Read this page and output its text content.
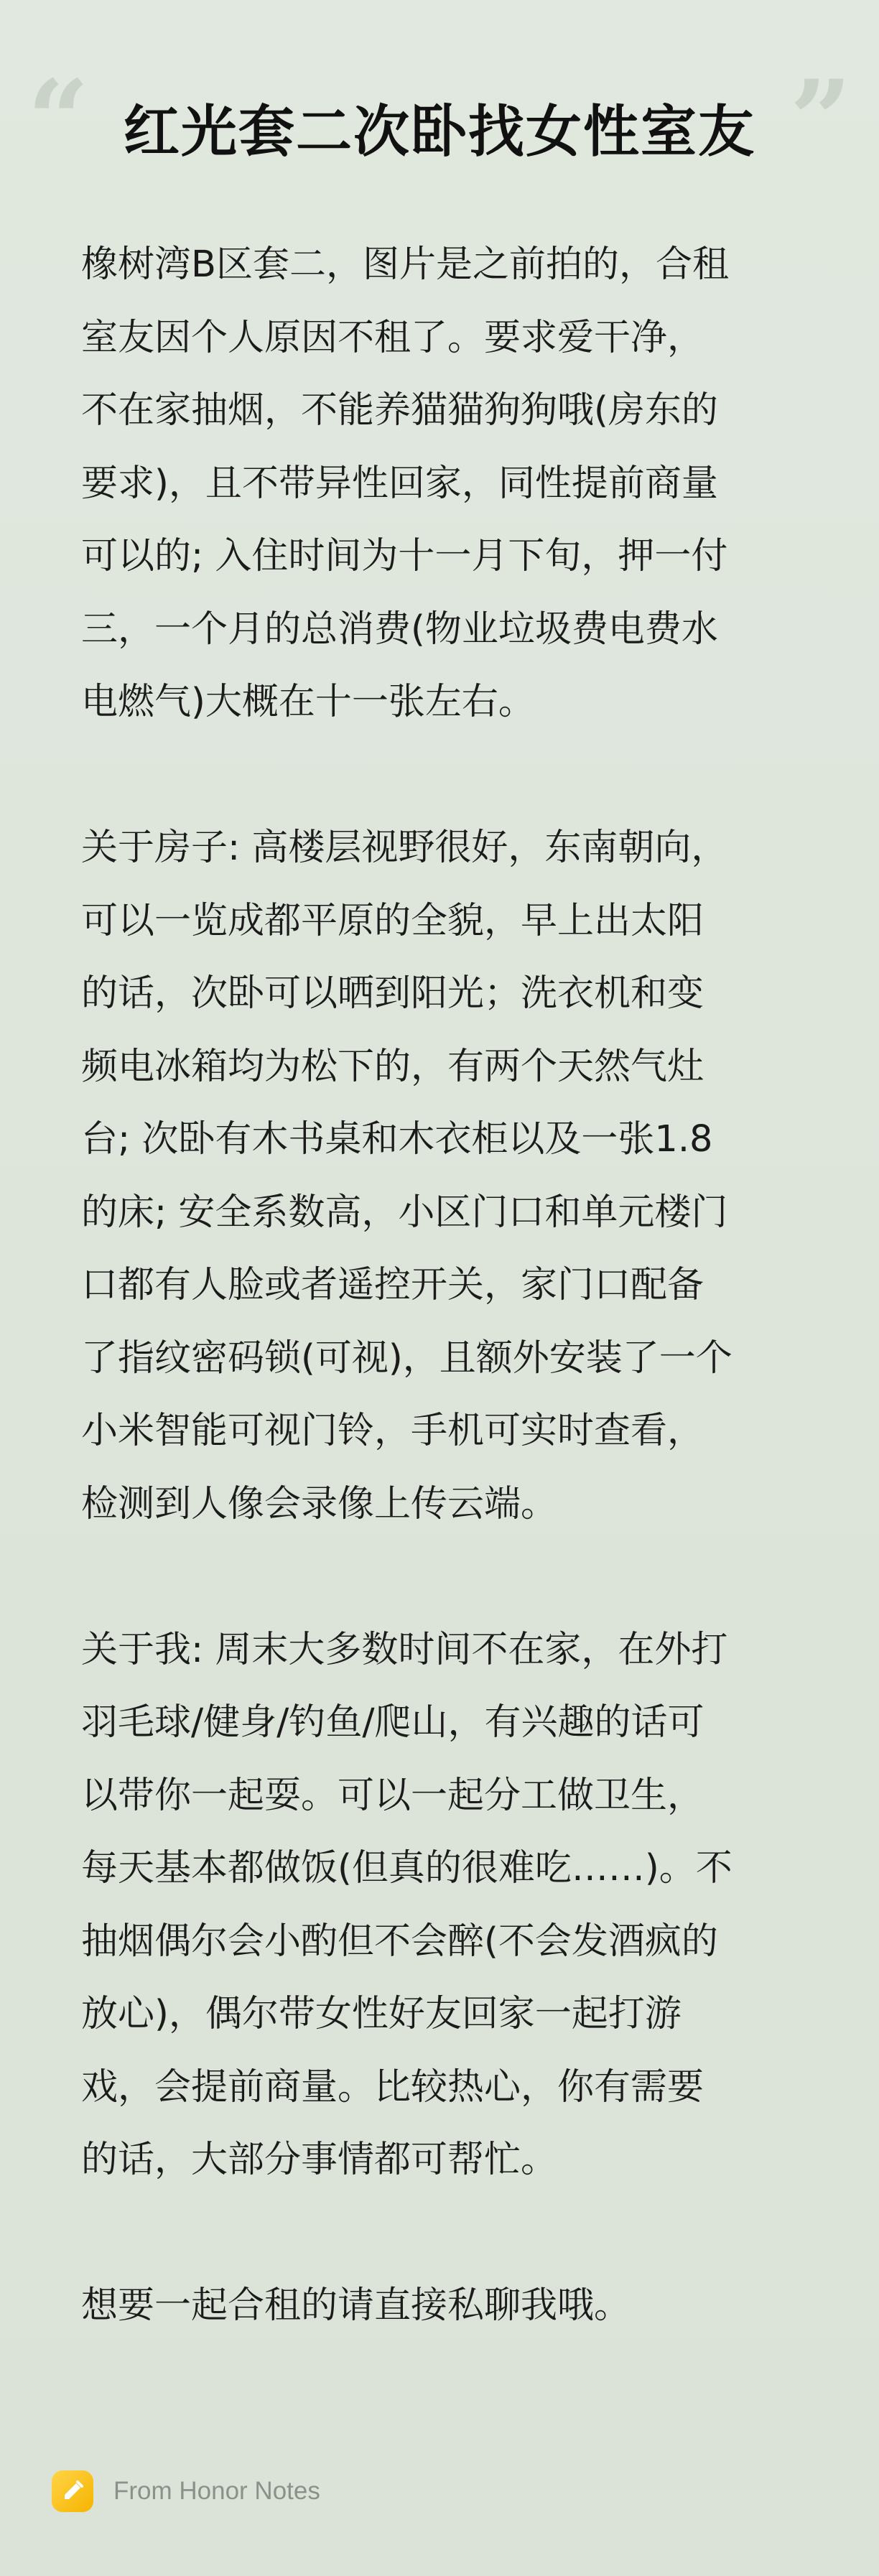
“	”
红光套二次卧找女性室友

橡树湾B区套二，图片是之前拍的，合租
室友因个人原因不租了。要求爱干净，
不在家抽烟，不能养猫猫狗狗哦(房东的
要求)，且不带异性回家，同性提前商量
可以的; 入住时间为十一月下旬，押一付
三，一个月的总消费(物业垃圾费电费水
电燃气)大概在十一张左右。

关于房子: 高楼层视野很好，东南朝向，
可以一览成都平原的全貌，早上出太阳
的话，次卧可以晒到阳光；洗衣机和变
频电冰箱均为松下的，有两个天然气灶
台; 次卧有木书桌和木衣柜以及一张1.8
的床; 安全系数高，小区门口和单元楼门
口都有人脸或者遥控开关，家门口配备
了指纹密码锁(可视)，且额外安装了一个
小米智能可视门铃，手机可实时查看，
检测到人像会录像上传云端。

关于我: 周末大多数时间不在家，在外打
羽毛球/健身/钓鱼/爬山，有兴趣的话可
以带你一起耍。可以一起分工做卫生，
每天基本都做饭(但真的很难吃……)。不
抽烟偶尔会小酌但不会醉(不会发酒疯的
放心)，偶尔带女性好友回家一起打游
戏，会提前商量。比较热心，你有需要
的话，大部分事情都可帮忙。

想要一起合租的请直接私聊我哦。

From Honor Notes
